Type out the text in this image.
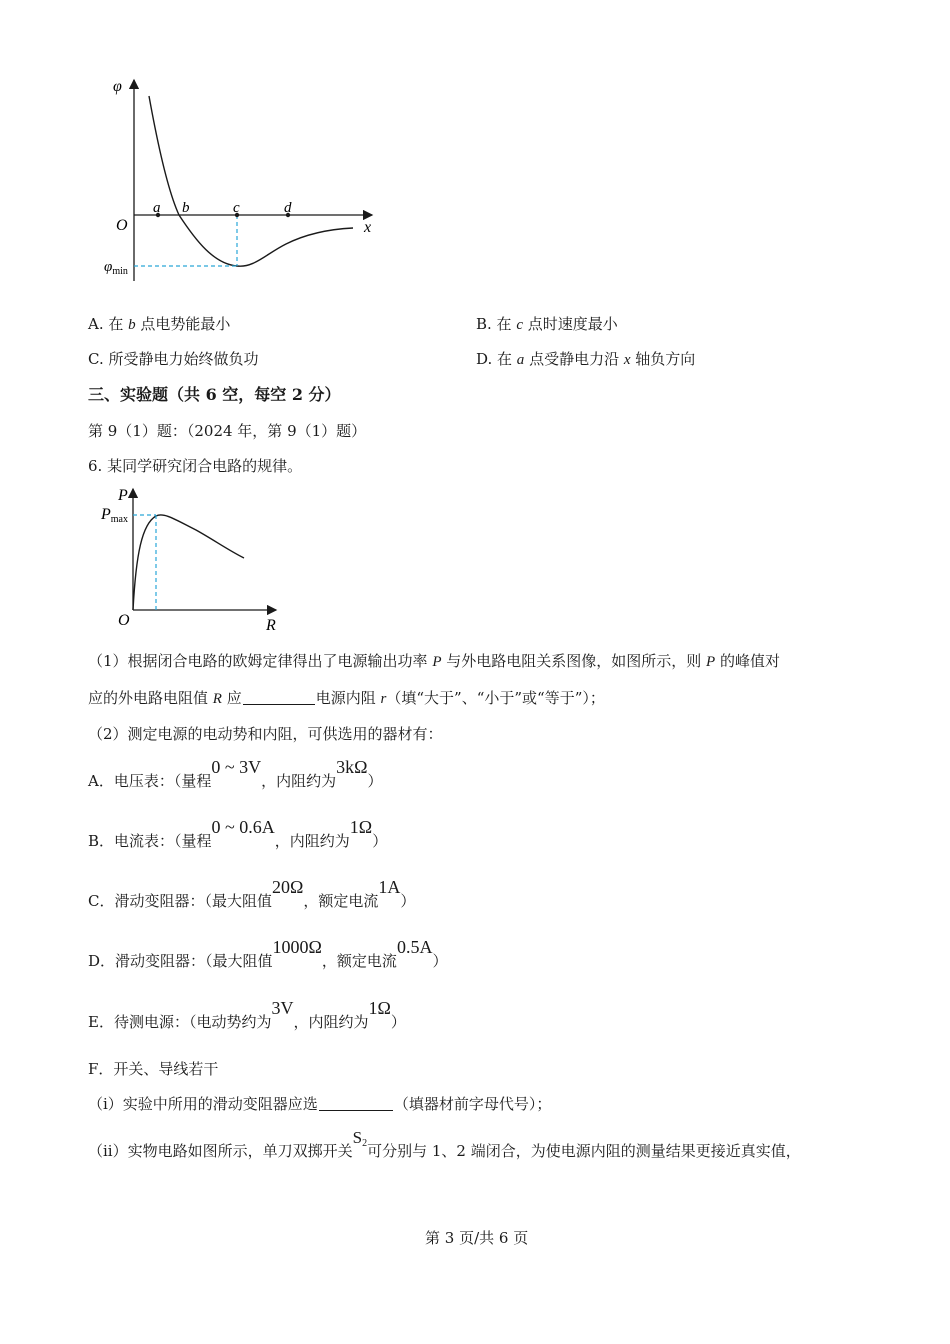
φ
x
O
a b	c	d
$\varphi_{min}$
A. 在 b 点电势能最小	B. 在 c 点时速度最小
C. 所受静电力始终做负功	D. 在 a 点受静电力沿 x 轴负方向
三、实验题（共 6 空，每空 2 分）
第 9（1）题：（2024 年，第 9（1）题）
6. 某同学研究闭合电路的规律。
P
R
O
Pmax
（1）根据闭合电路的欧姆定律得出了电源输出功率 P 与外电路电阻关系图像，如图所示，则 P 的峰值对
应的外电路电阻值 R 应	电源内阻 r（填“大于”、“小于”或“等于”）；
（2）测定电源的电动势和内阻，可供选用的器材有：
A．电压表：（量程0 ~ 3V，内阻约为3kΩ）
B．电流表：（量程0 ~ 0.6A，内阻约为1Ω）
C．滑动变阻器：（最大阻值20Ω，额定电流1A）
D．滑动变阻器：（最大阻值1000Ω，额定电流0.5A）
E．待测电源：（电动势约为3V，内阻约为1Ω）
F．开关、导线若干
（i）实验中所用的滑动变阻器应选	（填器材前字母代号）；
（ii）实物电路如图所示，单刀双掷开关S2可分别与 1、2 端闭合，为使电源内阻的测量结果更接近真实值，
第 3 页/共 6 页
